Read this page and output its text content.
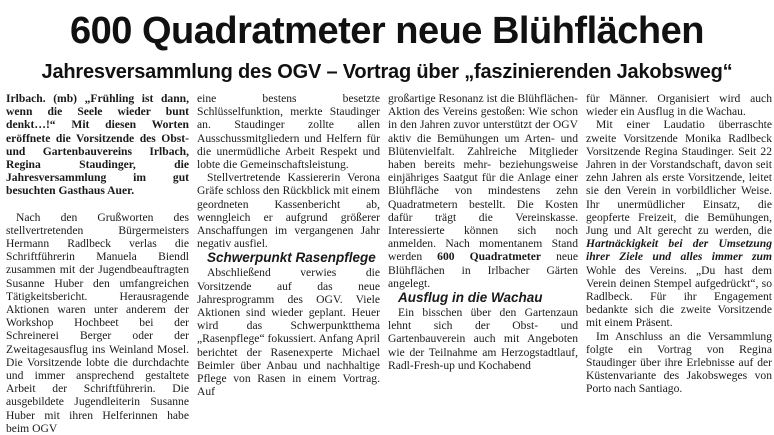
600 Quadratmeter neue Blühflächen
Jahresversammlung des OGV – Vortrag über „faszinierenden Jakobsweg“

Irlbach. (mb) „Frühling ist dann, wenn die Seele wieder bunt denkt…!“ Mit diesen Worten eröffnete die Vorsitzende des Obst- und Gartenbauvereins Irlbach, Regina Staudinger, die Jahresversammlung im gut besuchten Gasthaus Auer.

Nach den Grußworten des stellvertretenden Bürgermeisters Hermann Radlbeck verlas die Schriftführerin Manuela Biendl zusammen mit der Jugendbeauftragten Susanne Huber den umfangreichen Tätigkeitsbericht. Herausragende Aktionen waren unter anderem der Workshop Hochbeet bei der Schreinerei Berger oder der Zweitagesausflug ins Weinland Mosel. Die Vorsitzende lobte die durchdachte und immer ansprechend gestaltete Arbeit der Schriftführerin. Die ausgebildete Jugendleiterin Susanne Huber mit ihren Helferinnen habe beim OGV

eine bestens besetzte Schlüsselfunktion, merkte Staudinger an. Staudinger zollte allen Ausschussmitgliedern und Helfern für die unermüdliche Arbeit Respekt und lobte die Gemeinschaftsleistung.

Stellvertretende Kassiererin Verona Gräfe schloss den Rückblick mit einem geordneten Kassenbericht ab, wenngleich er aufgrund größerer Anschaffungen im vergangenen Jahr negativ ausfiel.

Schwerpunkt Rasenpflege

Abschließend verwies die Vorsitzende auf das neue Jahresprogramm des OGV. Viele Aktionen sind wieder geplant. Heuer wird das Schwerpunktthema „Rasenpflege“ fokussiert. Anfang April berichtet der Rasenexperte Michael Beimler über Anbau und nachhaltige Pflege von Rasen in einem Vortrag. Auf

großartige Resonanz ist die Blühflächen-Aktion des Vereins gestoßen: Wie schon in den Jahren zuvor unterstützt der OGV aktiv die Bemühungen um Arten- und Blütenvielfalt. Zahlreiche Mitglieder haben bereits mehr- beziehungsweise einjähriges Saatgut für die Anlage einer Blühfläche von mindestens zehn Quadratmetern bestellt. Die Kosten dafür trägt die Vereinskasse. Interessierte können sich noch anmelden. Nach momentanem Stand werden 600 Quadratmeter neue Blühflächen in Irlbacher Gärten angelegt.

Ausflug in die Wachau

Ein bisschen über den Gartenzaun lehnt sich der Obst- und Gartenbauverein auch mit Angeboten wie der Teilnahme am Herzogstadtlauf, Radl-Fresh-up und Kochabend

für Männer. Organisiert wird auch wieder ein Ausflug in die Wachau.

Mit einer Laudatio überraschte zweite Vorsitzende Monika Radlbeck Vorsitzende Regina Staudinger. Seit 22 Jahren in der Vorstandschaft, davon seit zehn Jahren als erste Vorsitzende, leitet sie den Verein in vorbildlicher Weise. Ihr unermüdlicher Einsatz, die geopferte Freizeit, die Bemühungen, Jung und Alt gerecht zu werden, die Hartnäckigkeit bei der Umsetzung ihrer Ziele und alles immer zum Wohle des Vereins. „Du hast dem Verein deinen Stempel aufgedrückt“, so Radlbeck. Für ihr Engagement bedankte sich die zweite Vorsitzende mit einem Präsent.

Im Anschluss an die Versammlung folgte ein Vortrag von Regina Staudinger über ihre Erlebnisse auf der Küstenvariante des Jakobsweges von Porto nach Santiago.
